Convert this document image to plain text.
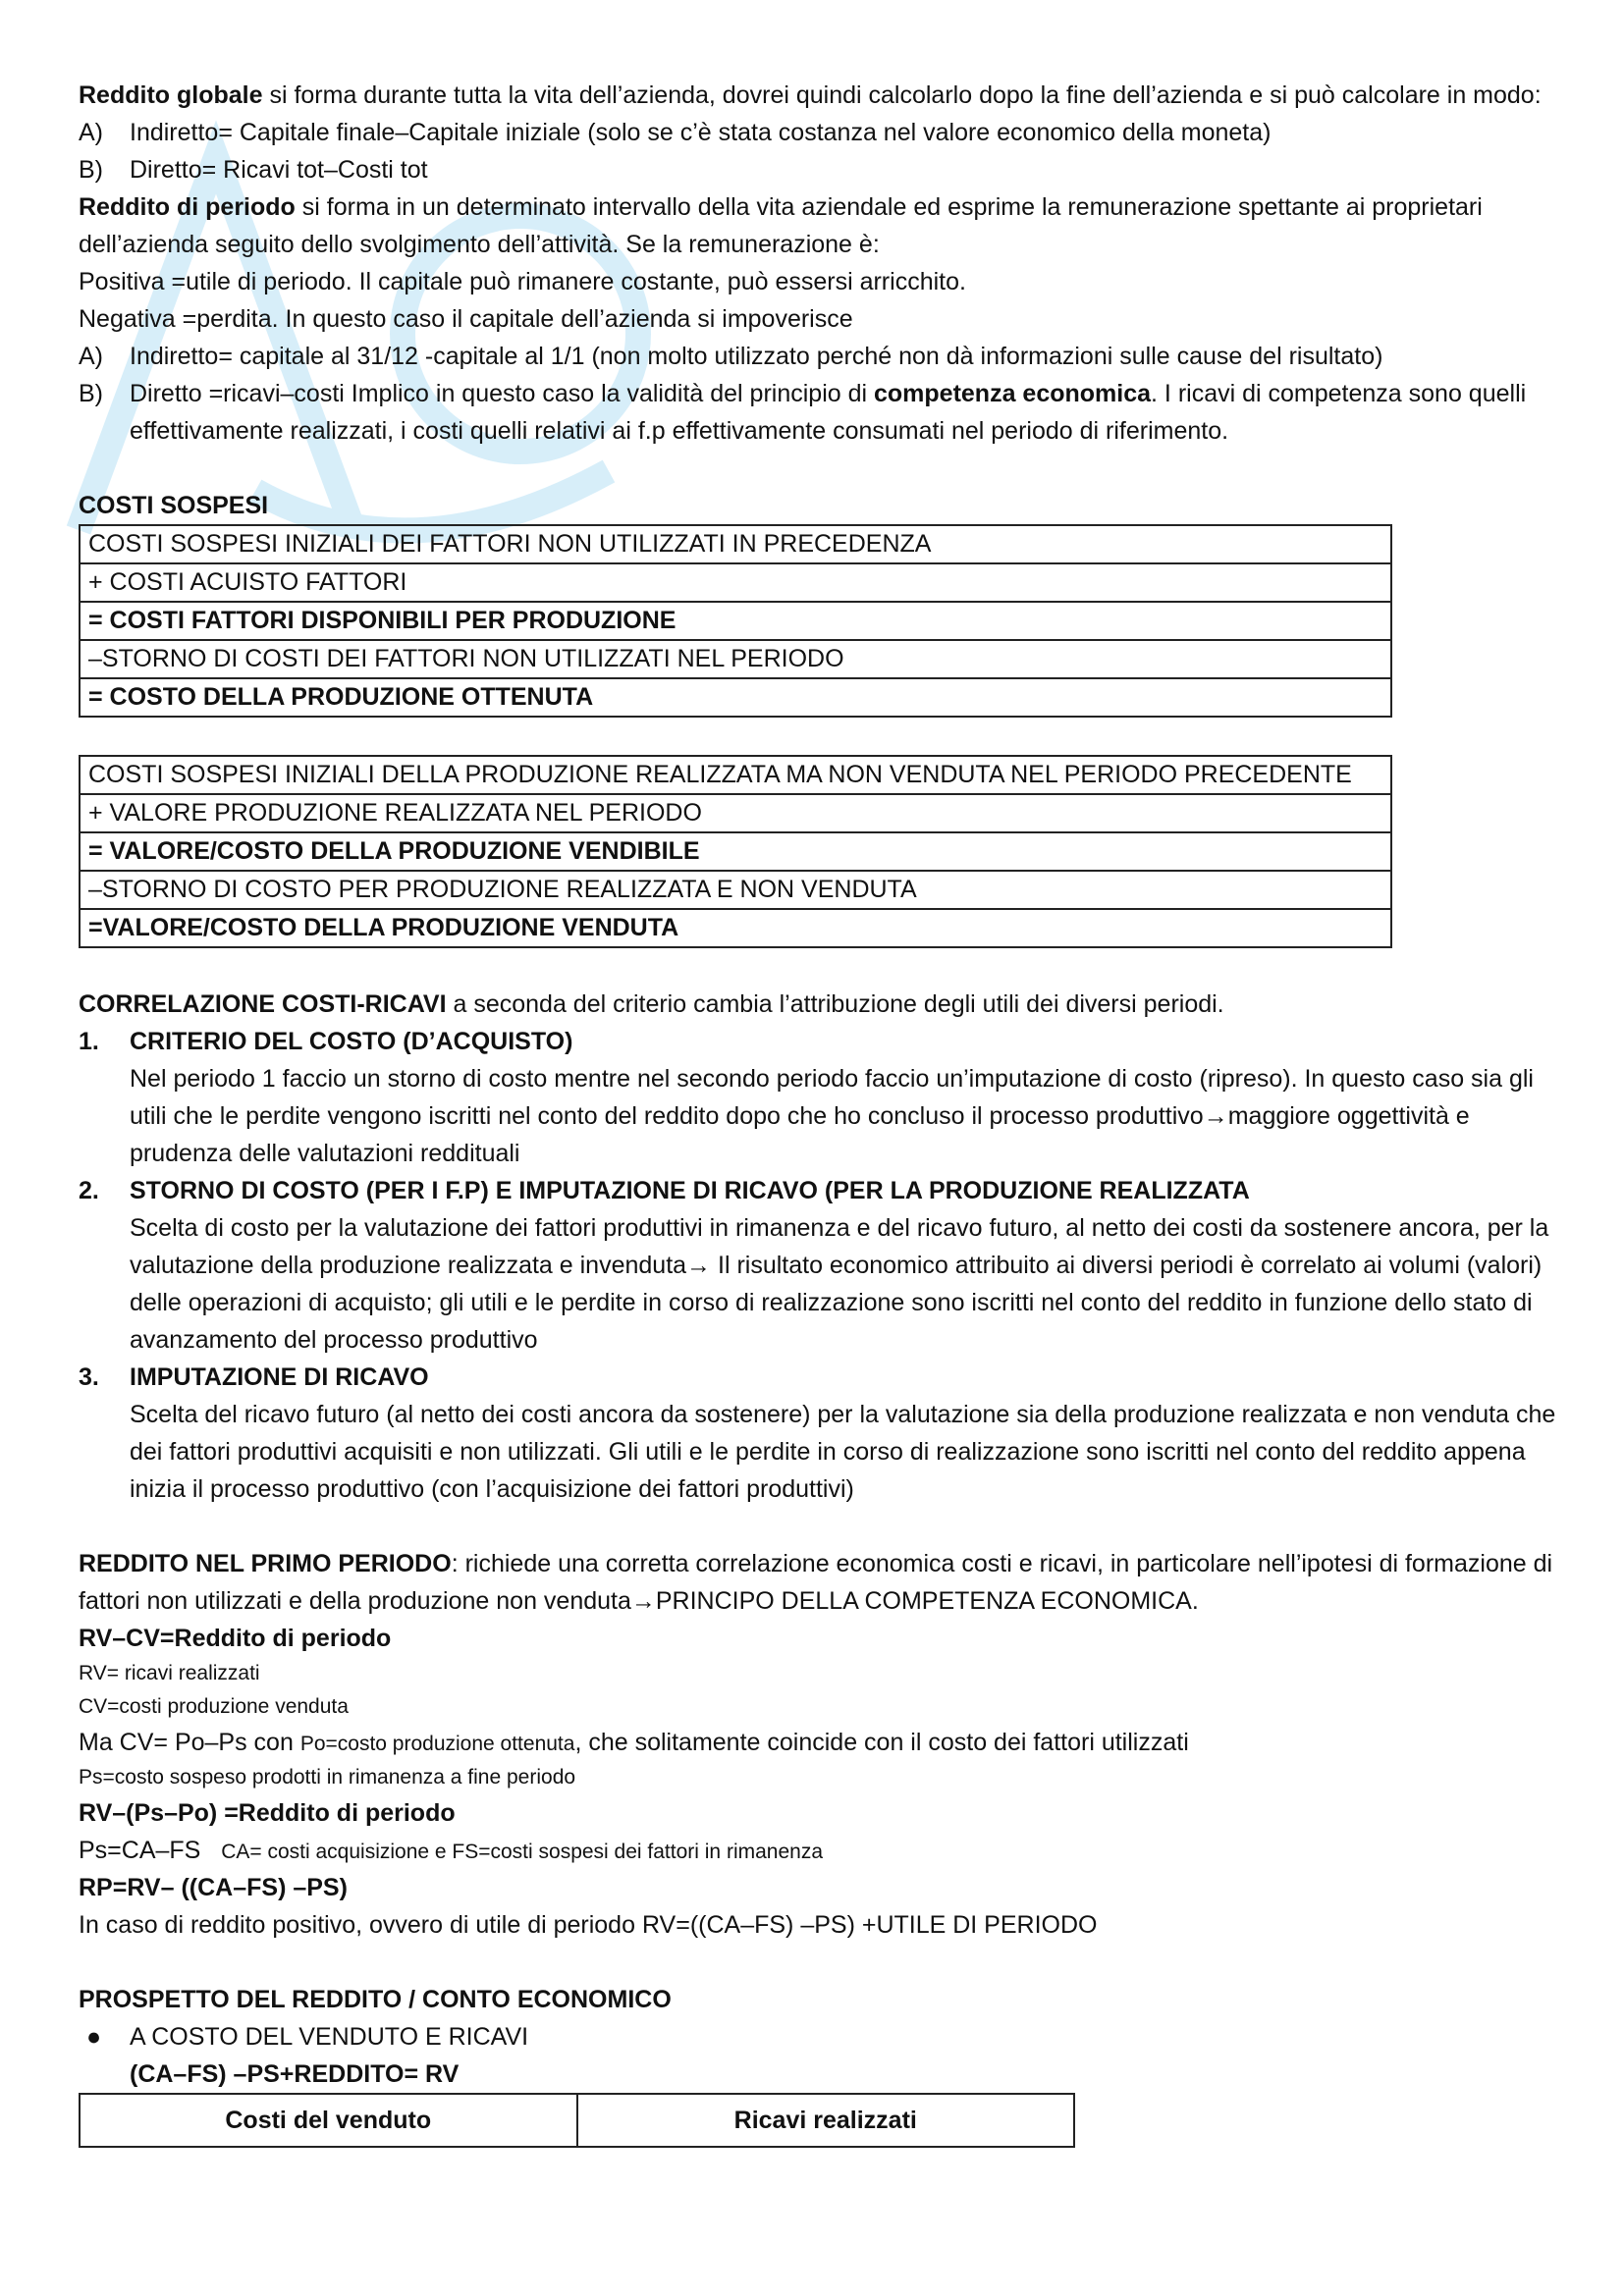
Reddito globale si forma durante tutta la vita dell’azienda, dovrei quindi calcolarlo dopo la fine dell’azienda e si può calcolare in modo:

A)	Indiretto= Capitale finale–Capitale iniziale (solo se c’è stata costanza nel valore economico della moneta)
B)	Diretto= Ricavi tot–Costi tot

Reddito di periodo si forma in un determinato intervallo della vita aziendale ed esprime la remunerazione spettante ai proprietari dell’azienda seguito dello svolgimento dell’attività. Se la remunerazione è:

Positiva =utile di periodo. Il capitale può rimanere costante, può essersi arricchito.

Negativa =perdita. In questo caso il capitale dell’azienda si impoverisce

A)	Indiretto= capitale al 31/12 -capitale al 1/1 (non molto utilizzato perché non dà informazioni sulle cause del risultato)
B)	Diretto =ricavi–costi Implico in questo caso la validità del principio di competenza economica. I ricavi di competenza sono quelli effettivamente realizzati, i costi quelli relativi ai f.p effettivamente consumati nel periodo di riferimento.

COSTI SOSPESI

COSTI SOSPESI INIZIALI DEI FATTORI NON UTILIZZATI IN PRECEDENZA
+ COSTI ACUISTO FATTORI
= COSTI FATTORI DISPONIBILI PER PRODUZIONE
–STORNO DI COSTI DEI FATTORI NON UTILIZZATI NEL PERIODO
= COSTO DELLA PRODUZIONE OTTENUTA
COSTI SOSPESI INIZIALI DELLA PRODUZIONE REALIZZATA MA NON VENDUTA NEL PERIODO PRECEDENTE
+ VALORE PRODUZIONE REALIZZATA NEL PERIODO
= VALORE/COSTO DELLA PRODUZIONE VENDIBILE
–STORNO DI COSTO PER PRODUZIONE REALIZZATA E NON VENDUTA
=VALORE/COSTO DELLA PRODUZIONE VENDUTA

CORRELAZIONE COSTI-RICAVI a seconda del criterio cambia l’attribuzione degli utili dei diversi periodi.

1.	CRITERIO DEL COSTO (D’ACQUISTO)

Nel periodo 1 faccio un storno di costo mentre nel secondo periodo faccio un’imputazione di costo (ripreso). In questo caso sia gli utili che le perdite vengono iscritti nel conto del reddito dopo che ho concluso il processo produttivo→maggiore oggettività e prudenza delle valutazioni reddituali

2.	STORNO DI COSTO (PER I F.P) E IMPUTAZIONE DI RICAVO (PER LA PRODUZIONE REALIZZATA

Scelta di costo per la valutazione dei fattori produttivi in rimanenza e del ricavo futuro, al netto dei costi da sostenere ancora, per la valutazione della produzione realizzata e invenduta→ Il risultato economico attribuito ai diversi periodi è correlato ai volumi (valori) delle operazioni di acquisto; gli utili e le perdite in corso di realizzazione sono iscritti nel conto del reddito in funzione dello stato di avanzamento del processo produttivo

3.	IMPUTAZIONE DI RICAVO

Scelta del ricavo futuro (al netto dei costi ancora da sostenere) per la valutazione sia della produzione realizzata e non venduta che dei fattori produttivi acquisiti e non utilizzati. Gli utili e le perdite in corso di realizzazione sono iscritti nel conto del reddito appena inizia il processo produttivo (con l’acquisizione dei fattori produttivi)

REDDITO NEL PRIMO PERIODO: richiede una corretta correlazione economica costi e ricavi, in particolare nell’ipotesi di formazione di fattori non utilizzati e della produzione non venduta→PRINCIPO DELLA COMPETENZA ECONOMICA.

RV–CV=Reddito di periodo

RV= ricavi realizzati

CV=costi produzione venduta

Ma CV= Po–Ps con Po=costo produzione ottenuta, che solitamente coincide con il costo dei fattori utilizzati

Ps=costo sospeso prodotti in rimanenza a fine periodo

RV–(Ps–Po) =Reddito di periodo

Ps=CA–FS   CA= costi acquisizione e FS=costi sospesi dei fattori in rimanenza

RP=RV– ((CA–FS) –PS)

In caso di reddito positivo, ovvero di utile di periodo RV=((CA–FS) –PS) +UTILE DI PERIODO

PROSPETTO DEL REDDITO / CONTO ECONOMICO

●	A COSTO DEL VENDUTO E RICAVI

(CA–FS) –PS+REDDITO= RV

Costi del venduto	Ricavi realizzati
